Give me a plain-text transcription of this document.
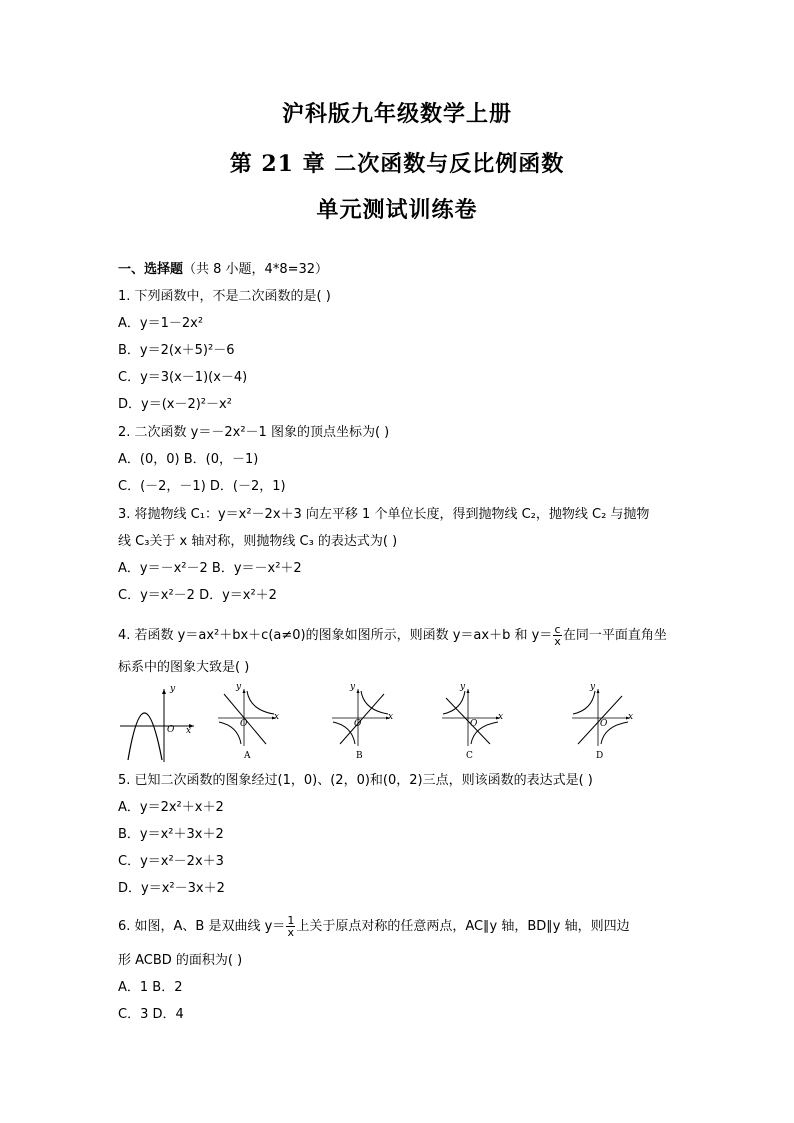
沪科版九年级数学上册
第 21 章 二次函数与反比例函数
单元测试训练卷
一、选择题（共 8 小题，4*8=32）
1. 下列函数中，不是二次函数的是( )
A．y＝1－2x²
B．y＝2(x＋5)²－6
C．y＝3(x－1)(x－4)
D．y＝(x－2)²－x²
2. 二次函数 y＝－2x²－1 图象的顶点坐标为( )
A．(0，0) B．(0，－1)
C．(－2，－1) D．(－2，1)
3. 将抛物线 C₁：y＝x²－2x＋3 向左平移 1 个单位长度，得到抛物线 C₂，抛物线 C₂ 与抛物
线 C₃关于 x 轴对称，则抛物线 C₃ 的表达式为( )
A．y＝－x²－2 B．y＝－x²＋2
C．y＝x²－2 D．y＝x²＋2
4. 若函数 y＝ax²＋bx＋c(a≠0)的图象如图所示，则函数 y＝ax＋b 和 $y= \frac{c}{x}$ 在同一平面直角坐
标系中的图象大致是( )
y
x
O
y
x
O
A
y
x
O
B
y
x
O
C
y
x
O
D
5. 已知二次函数的图象经过(1，0)、(2，0)和(0，2)三点，则该函数的表达式是( )
A．y＝2x²＋x＋2
B．y＝x²＋3x＋2
C．y＝x²－2x＋3
D．y＝x²－3x＋2
6. 如图，A、B 是双曲线 $y= \frac{1}{x}$ 上关于原点对称的任意两点，AC∥y 轴，BD∥y 轴，则四边
形 ACBD 的面积为( )
A．1 B．2
C．3 D．4
